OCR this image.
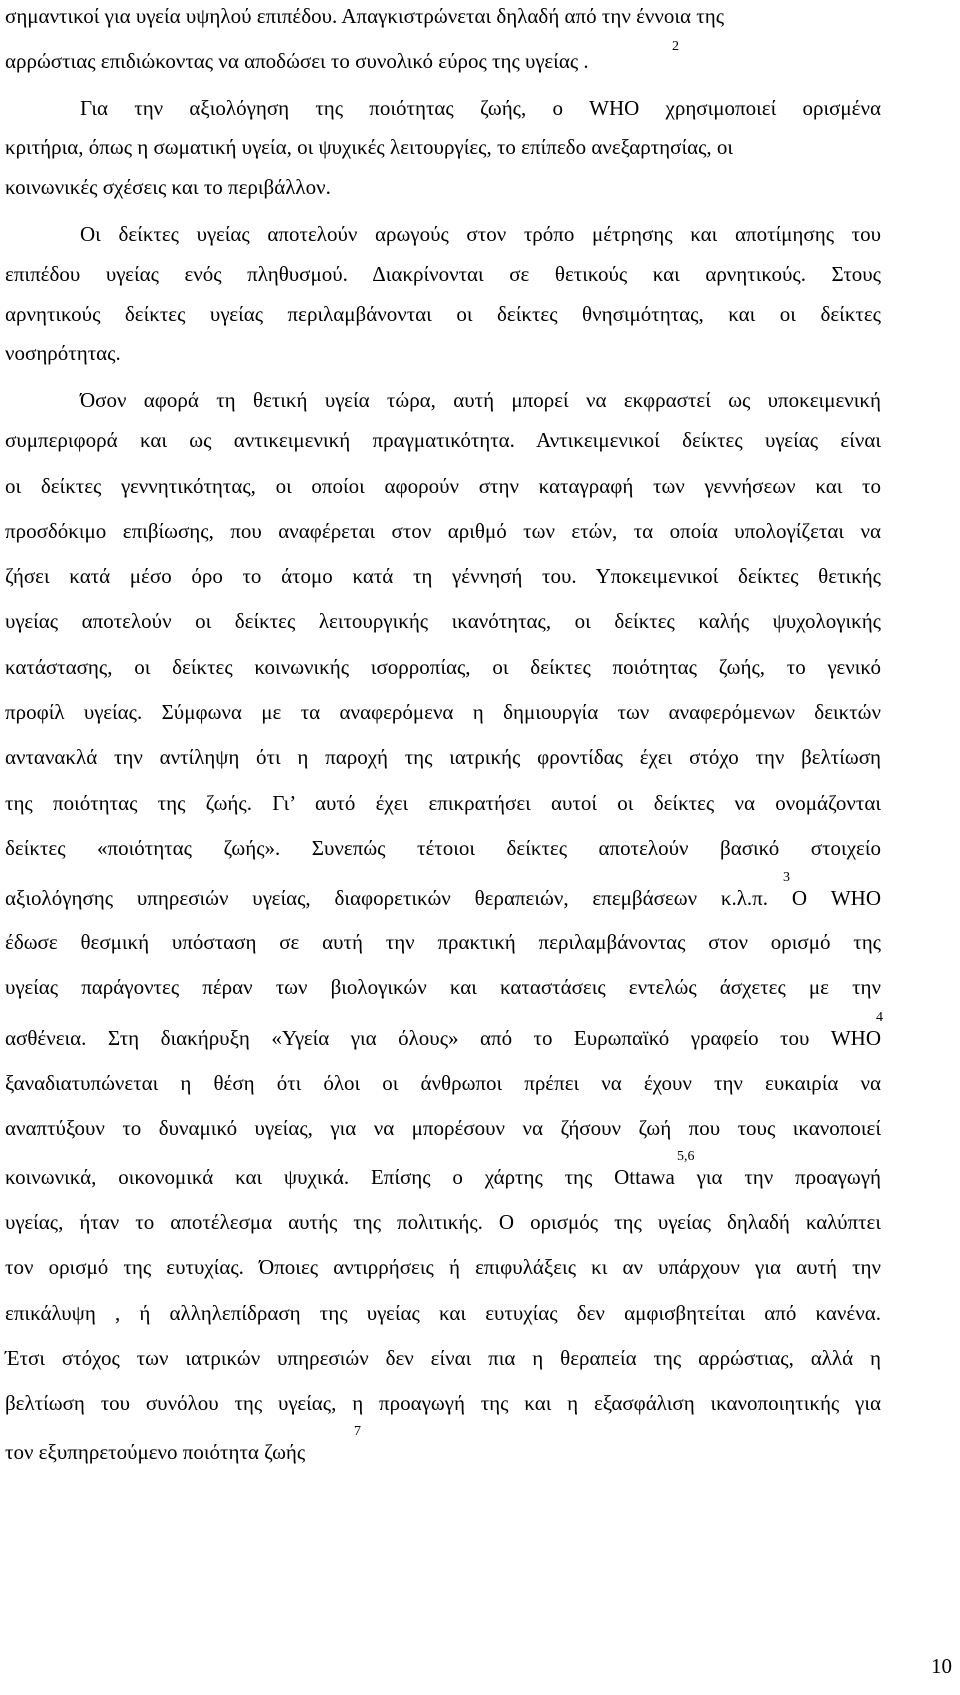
σημαντικοί για υγεία υψηλού επιπέδου. Απαγκιστρώνεται δηλαδή από την έννοια της
αρρώστιας επιδιώκοντας να αποδώσει το συνολικό εύρος της υγείας .
Για την αξιολόγηση της ποιότητας ζωής, ο WHO χρησιμοποιεί ορισμένα
κριτήρια, όπως η σωματική υγεία, οι ψυχικές λειτουργίες, το επίπεδο ανεξαρτησίας, οι
κοινωνικές σχέσεις και το περιβάλλον.
Οι δείκτες υγείας αποτελούν αρωγούς στον τρόπο μέτρησης και αποτίμησης του
επιπέδου υγείας ενός πληθυσμού. Διακρίνονται σε θετικούς και αρνητικούς. Στους
αρνητικούς δείκτες υγείας περιλαμβάνονται οι δείκτες θνησιμότητας, και οι δείκτες
νοσηρότητας.
Όσον αφορά τη θετική υγεία τώρα, αυτή μπορεί να εκφραστεί ως υποκειμενική
συμπεριφορά και ως αντικειμενική πραγματικότητα. Αντικειμενικοί δείκτες υγείας είναι
οι δείκτες γεννητικότητας, οι οποίοι αφορούν στην καταγραφή των γεννήσεων και το
προσδόκιμο επιβίωσης, που αναφέρεται στον αριθμό των ετών, τα οποία υπολογίζεται να
ζήσει κατά μέσο όρο το άτομο κατά τη γέννησή του. Υποκειμενικοί δείκτες θετικής
υγείας αποτελούν οι δείκτες λειτουργικής ικανότητας, οι δείκτες καλής ψυχολογικής
κατάστασης, οι δείκτες κοινωνικής ισορροπίας, οι δείκτες ποιότητας ζωής, το γενικό
προφίλ υγείας. Σύμφωνα με τα αναφερόμενα η δημιουργία των αναφερόμενων δεικτών
αντανακλά την αντίληψη ότι η παροχή της ιατρικής φροντίδας έχει στόχο την βελτίωση
της ποιότητας της ζωής. Γι’ αυτό έχει επικρατήσει αυτοί οι δείκτες να ονομάζονται
δείκτες «ποιότητας ζωής». Συνεπώς τέτοιοι δείκτες αποτελούν βασικό στοιχείο
αξιολόγησης υπηρεσιών υγείας, διαφορετικών θεραπειών, επεμβάσεων κ.λ.π. Ο WHO
έδωσε θεσμική υπόσταση σε αυτή την πρακτική περιλαμβάνοντας στον ορισμό της
υγείας παράγοντες πέραν των βιολογικών και καταστάσεις εντελώς άσχετες με την
ασθένεια. Στη διακήρυξη «Υγεία για όλους» από το Ευρωπαϊκό γραφείο του WHO
ξαναδιατυπώνεται η θέση ότι όλοι οι άνθρωποι πρέπει να έχουν την ευκαιρία να
αναπτύξουν το δυναμικό υγείας, για να μπορέσουν να ζήσουν ζωή που τους ικανοποιεί
κοινωνικά, οικονομικά και ψυχικά. Επίσης ο χάρτης της Ottawa για την προαγωγή
υγείας, ήταν το αποτέλεσμα αυτής της πολιτικής. Ο ορισμός της υγείας δηλαδή καλύπτει
τον ορισμό της ευτυχίας. Όποιες αντιρρήσεις ή επιφυλάξεις κι αν υπάρχουν για αυτή την
επικάλυψη , ή αλληλεπίδραση της υγείας και ευτυχίας δεν αμφισβητείται από κανένα.
Έτσι στόχος των ιατρικών υπηρεσιών δεν είναι πια η θεραπεία της αρρώστιας, αλλά η
βελτίωση του συνόλου της υγείας, η προαγωγή της και η εξασφάλιση ικανοποιητικής για
τον εξυπηρετούμενο ποιότητα ζωής
2
3
4
5,6
7
10
